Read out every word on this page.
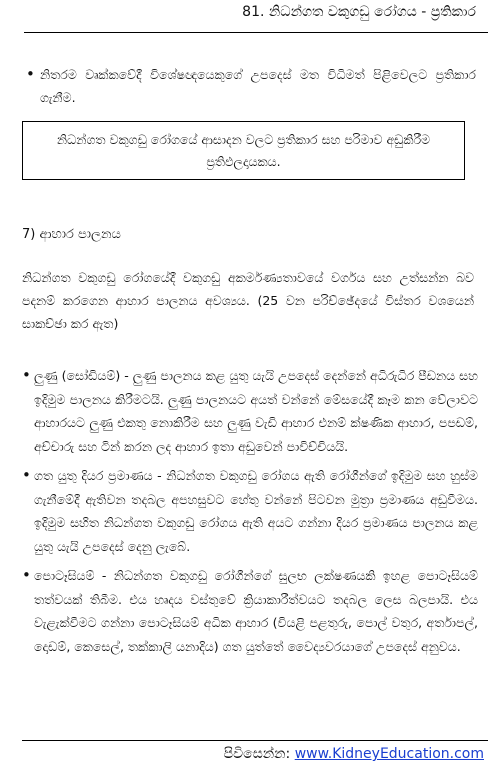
81. නිධන්ගත වකුගඩු රෝගය - ප්‍රතිකාර
• නිතරම වෘක්කවේදී විශේෂඥයෙකුගේ උපදෙස් මත විධිමත් පිළිවෙලට ප්‍රතිකාර ගැනීම.
නිධන්ගත වකුගඩු රෝගයේ ආසාදන වලට ප්‍රතිකාර සහ පරිමාව අඩුකිරීම ප්‍රතිඵලදායකය.
7) ආහාර පාලනය
නිධන්ගත වකුගඩු රෝගයේදී වකුගඩු අකර්මණ්‍යතාවයේ වර්ගය සහ උත්සන්න බව පදනම් කරගෙන ආහාර පාලනය අවශ්‍යය. (25 වන පරිච්ඡේදයේ විස්තර වශයෙන් සාකච්ඡා කර ඇත)
• ලුණු (සෝඩියම්) - ලුණු පාලනය කළ යුතු යැයි උපදෙස් දෙන්නේ අධිරුධිර පීඩනය සහ ඉදිමුම පාලනය කිරීමටයි. ලුණු පාලනයට අයත් වන්නේ මේසයේදී කෑම කන වේලාවට ආහාරයට ලුණු එකතු නොකිරීම සහ ලුණු වැඩි ආහාර එනම් ක්ෂණික ආහාර, පපඩම්, අච්චාරු සහ ටින් කරන ලද ආහාර ඉතා අඩුවෙන් පාවිච්චියයි.
• ගත යුතු දියර ප්‍රමාණය - නිධන්ගත වකුගඩු රෝගය ඇති රෝගීන්ගේ ඉදිමුම සහ හුස්ම ගැනීමේදී ඇතිවන තදබල අපහසුවට හේතු වන්නේ පිටවන මුත්‍රා ප්‍රමාණය අඩුවීමය. ඉදිමුම සහිත නිධන්ගත වකුගඩු රෝගය ඇති අයට ගන්නා දියර ප්‍රමාණය පාලනය කළ යුතු යැයි උපදෙස් දෙනු ලැබේ.
• පොටෑසියම් - නිධන්ගත වකුගඩු රෝගීන්ගේ සුලභ ලක්ෂණයකි ඉහළ පොටෑසියම් තත්වයක් තිබීම. එය හෘදය වස්තුවේ ක්‍රියාකාරීත්වයට තදබල ලෙස බලපායි. එය වැළැක්වීමට ගන්නා පොටෑසියම් අධික ආහාර (වියළි පළතුරු, පොල් වතුර, අර්තාපල්, දොඩම්, කෙසෙල්, තක්කාලි යනාදිය) ගත යුත්තේ වෛද්‍යවරයාගේ උපදෙස් අනුවය.
පිවිසෙන්න: www.KidneyEducation.com
